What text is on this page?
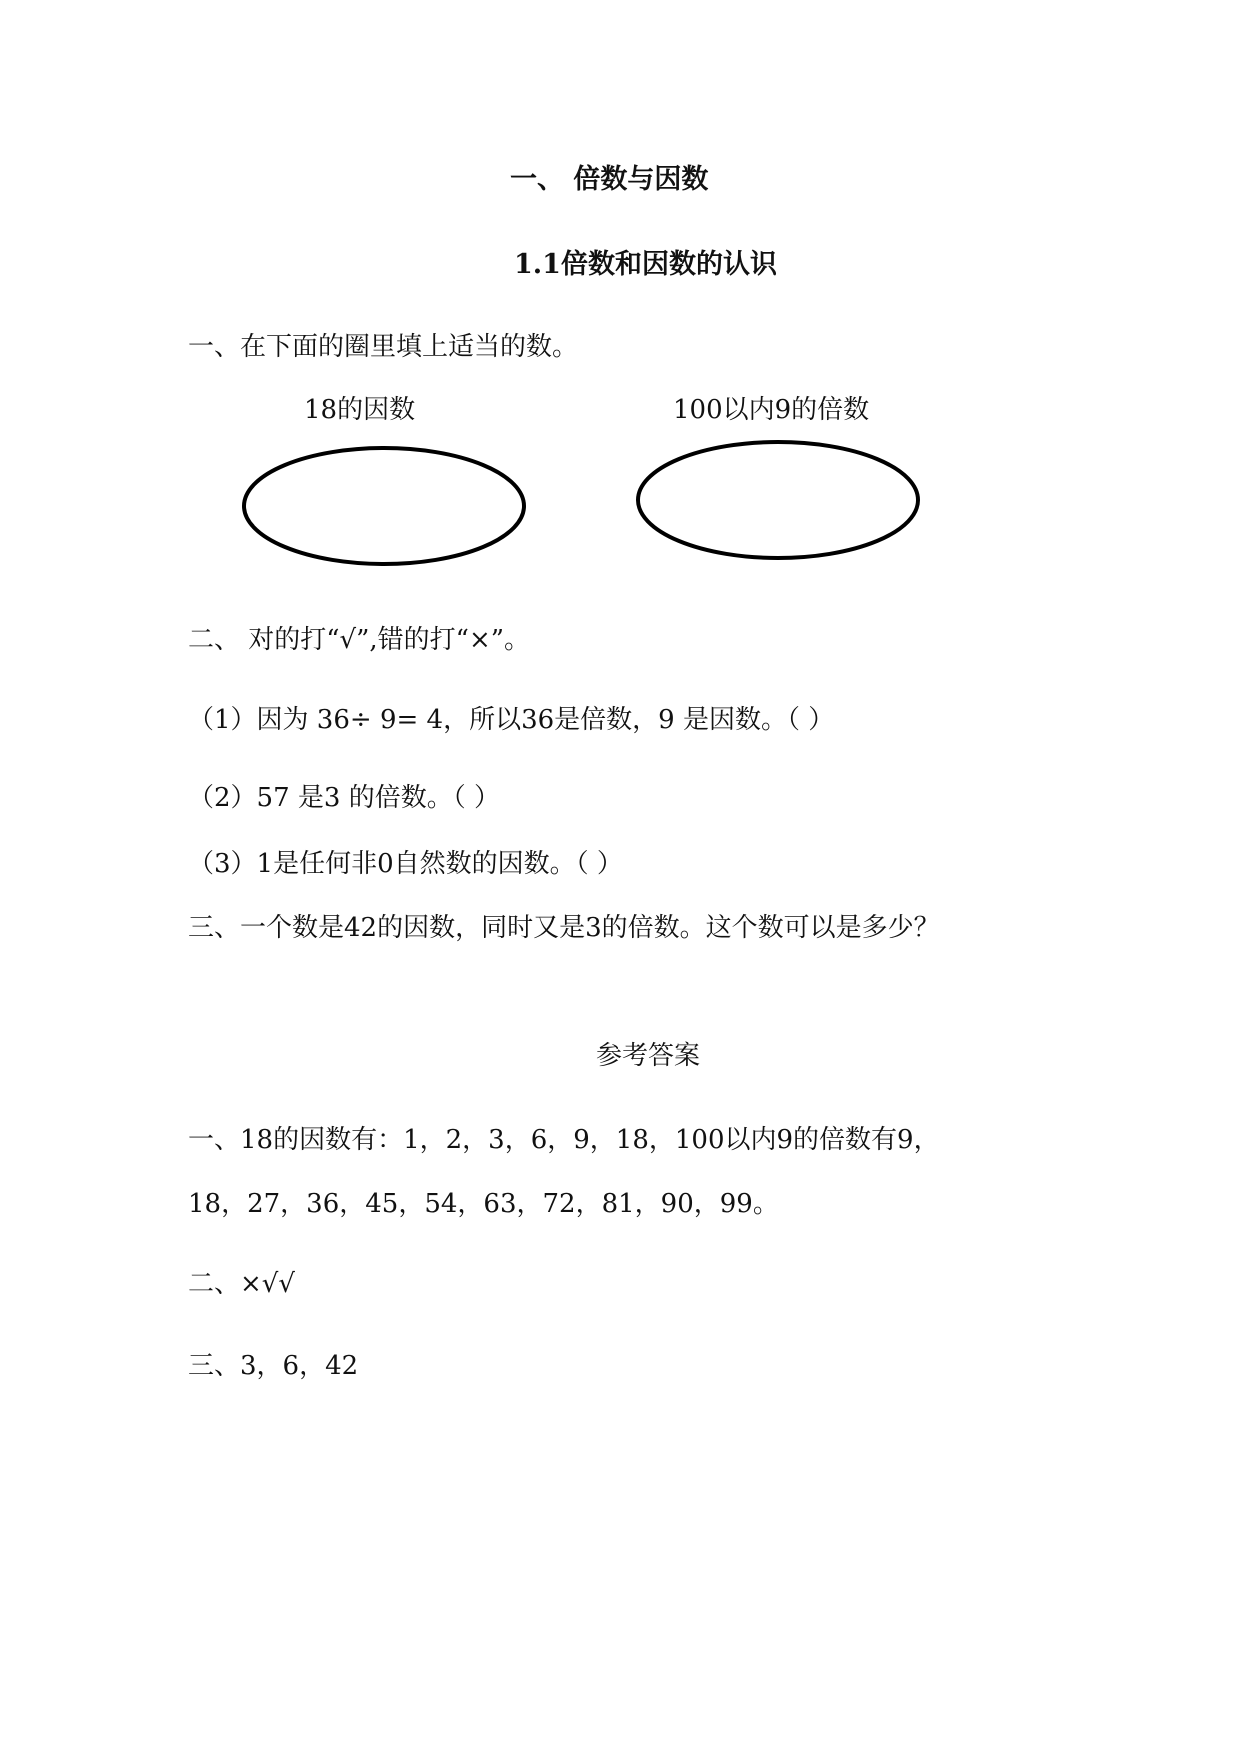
一、 倍数与因数
1.1倍数和因数的认识
一、在下面的圈里填上适当的数。
18的因数	100以内9的倍数
二、 对的打“√”,错的打“×”。
（1）因为 36÷ 9= 4，所以36是倍数，9 是因数。（ ）
（2）57 是3 的倍数。（ ）
（3）1是任何非0自然数的因数。（ ）
三、一个数是42的因数，同时又是3的倍数。这个数可以是多少？
参考答案
一、18的因数有：1，2，3，6，9，18，100以内9的倍数有9，
18，27，36，45，54，63，72，81，90，99。
二、×√√
三、3，6，42
